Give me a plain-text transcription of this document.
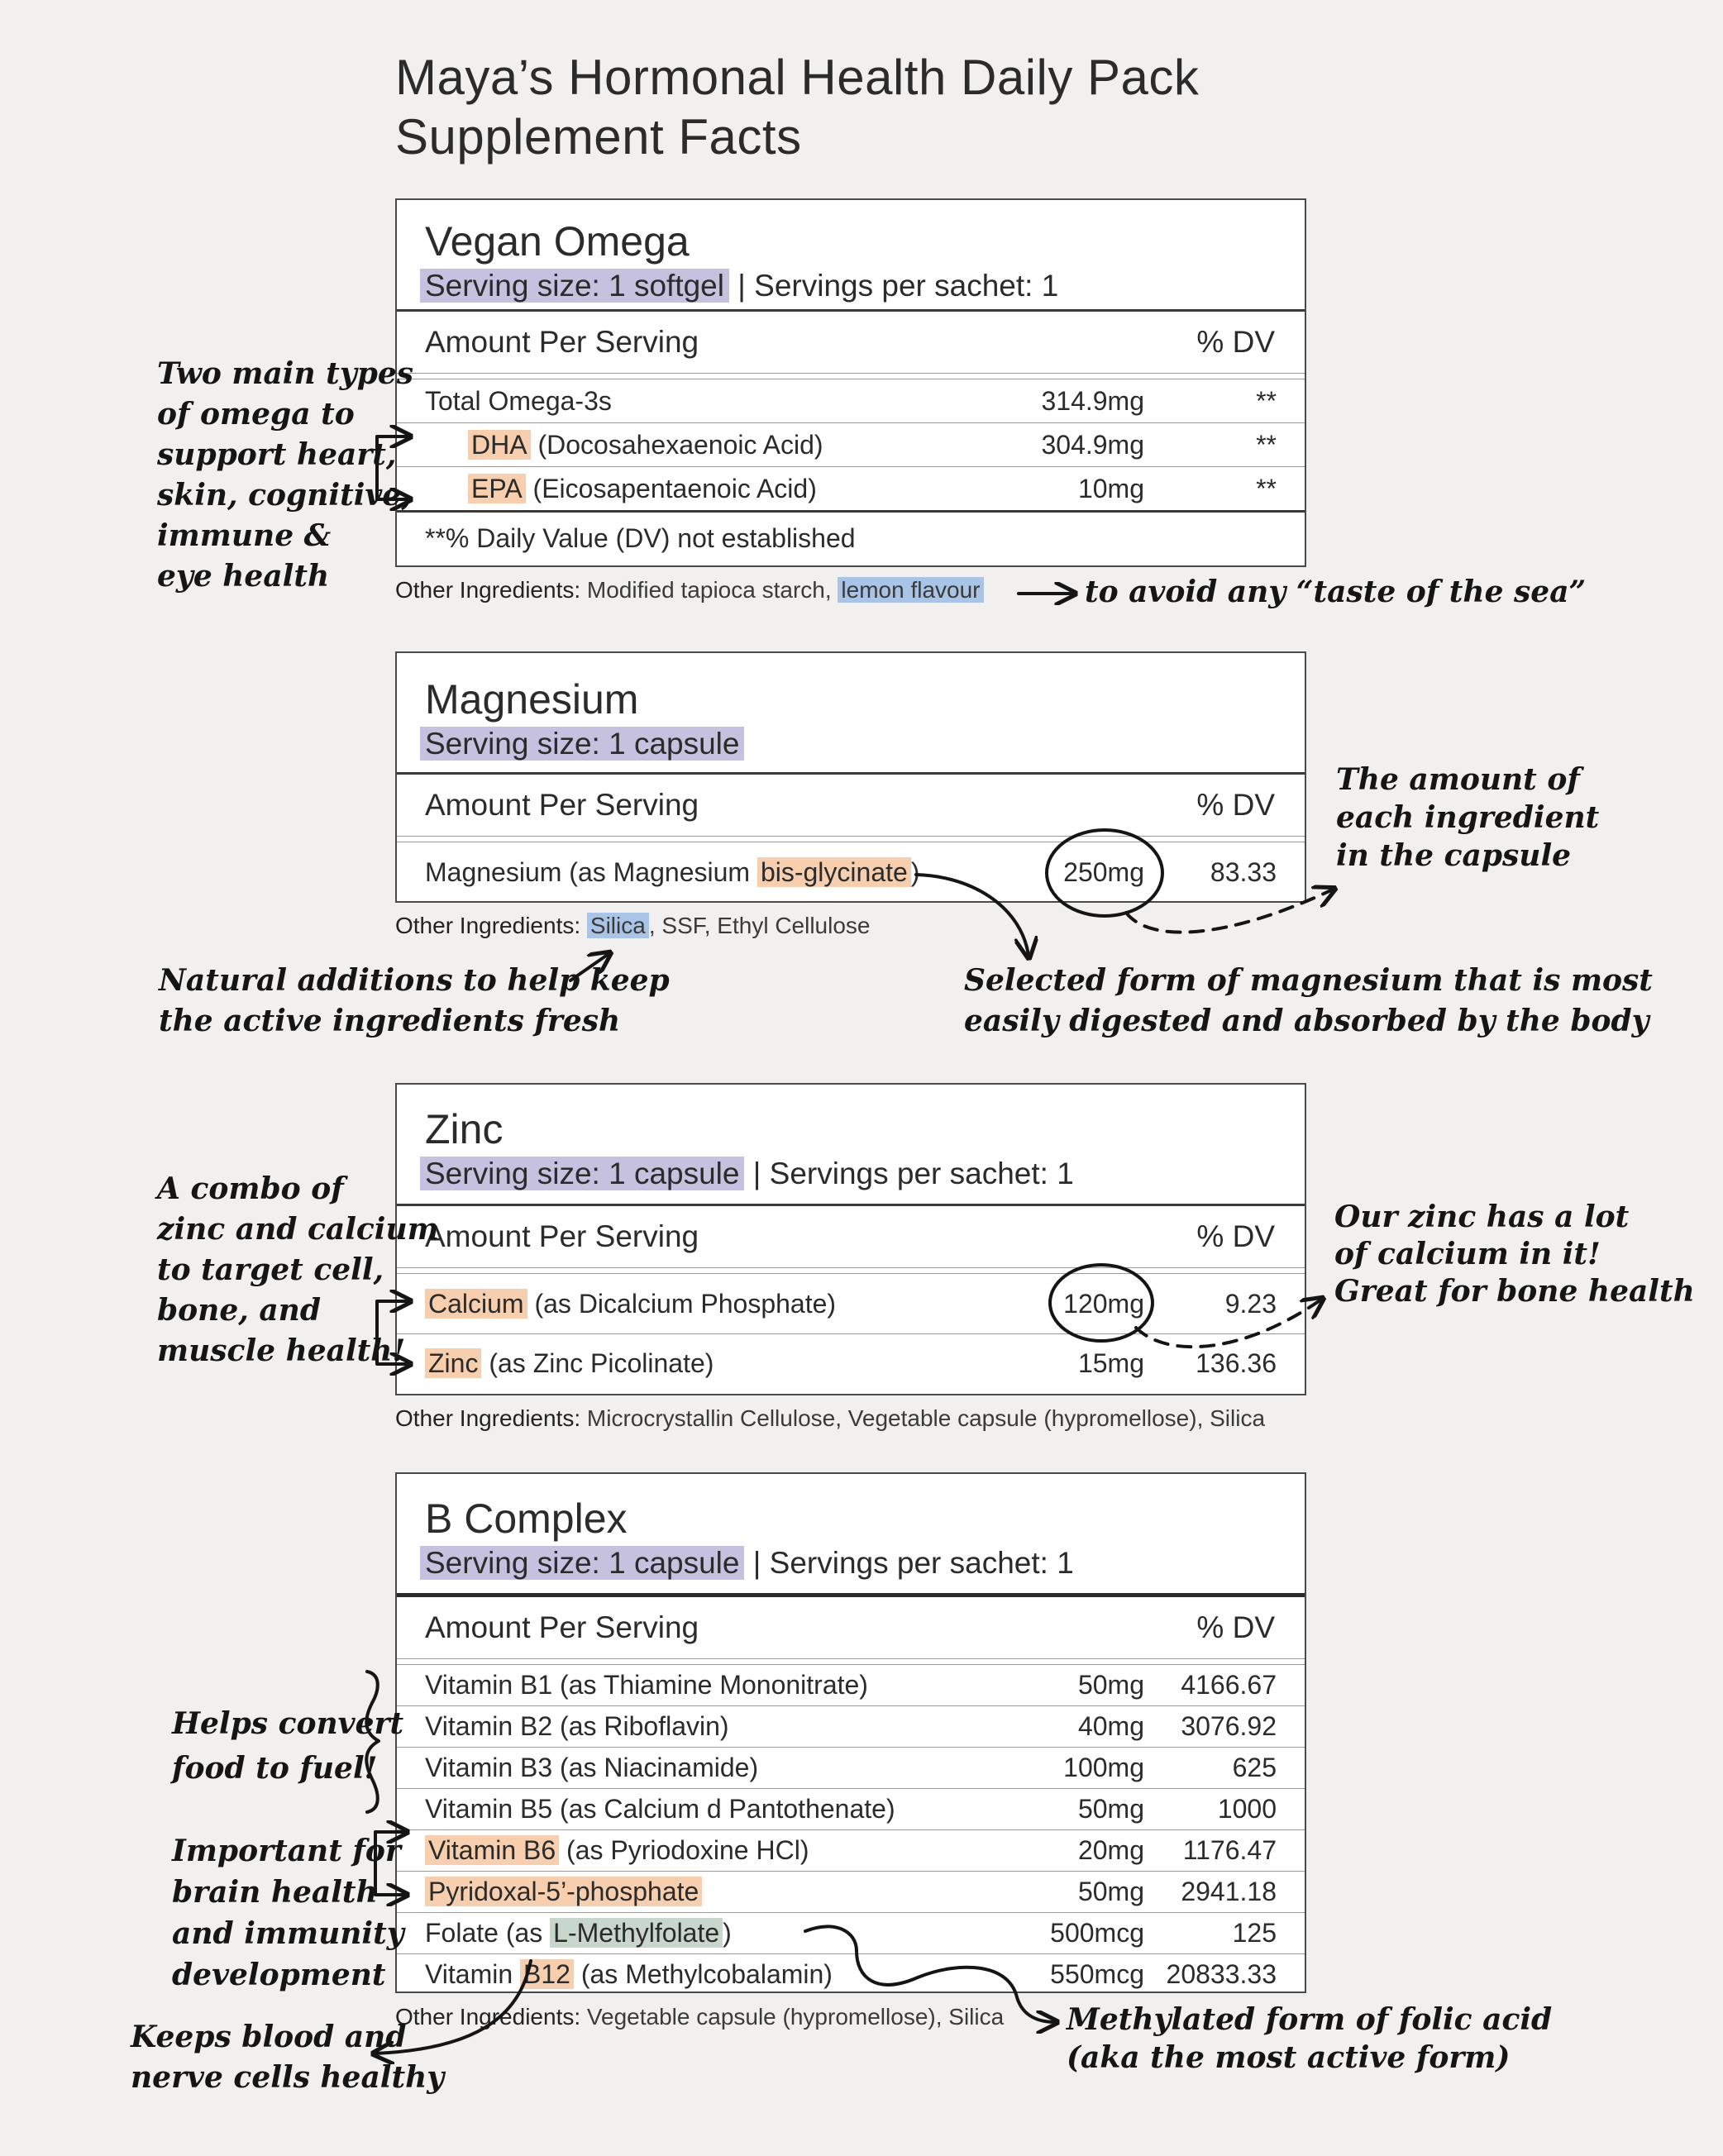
Maya’s Hormonal Health Daily Pack
Supplement Facts
Vegan Omega
Serving size: 1 softgel | Servings per sachet: 1
Amount Per Serving	% DV
Total Omega-3s	314.9mg	**
DHA (Docosahexaenoic Acid)	304.9mg	**
EPA (Eicosapentaenoic Acid)	10mg	**
**% Daily Value (DV) not established
Other Ingredients: Modified tapioca starch, lemon flavour
Magnesium
Serving size: 1 capsule
Amount Per Serving	% DV
Magnesium (as Magnesium bis-glycinate )	250mg	83.33
Other Ingredients: Silica , SSF, Ethyl Cellulose
Zinc
Serving size: 1 capsule | Servings per sachet: 1
Amount Per Serving	% DV
Calcium (as Dicalcium Phosphate)	120mg	9.23
Zinc (as Zinc Picolinate)	15mg	136.36
Other Ingredients: Microcrystallin Cellulose, Vegetable capsule (hypromellose), Silica
B Complex
Serving size: 1 capsule | Servings per sachet: 1
Amount Per Serving	% DV
Vitamin B1 (as Thiamine Mononitrate)	50mg	4166.67
Vitamin B2 (as Riboflavin)	40mg	3076.92
Vitamin B3 (as Niacinamide)	100mg	625
Vitamin B5 (as Calcium d Pantothenate)	50mg	1000
Vitamin B6 (as Pyriodoxine HCl)	20mg	1176.47
Pyridoxal-5’-phosphate	50mg	2941.18
Folate (as L-Methylfolate )	500mcg	125
Vitamin B12 (as Methylcobalamin)	550mcg 20833.33
Other Ingredients: Vegetable capsule (hypromellose), Silica
Two main types
of omega to
support heart,
skin, cognitive,
immune &
eye health	to avoid any “taste of the sea”
The amount of
each ingredient
in the capsule
Natural additions to help keep
the active ingredients fresh
Selected form of magnesium that is most
easily digested and absorbed by the body
A combo of
zinc and calcium
to target cell,
bone, and
muscle health!
Our zinc has a lot
of calcium in it!
Great for bone health
Helps convert
food to fuel!
Important for
brain health
and immunity
development
Keeps blood and
nerve cells healthy
Methylated form of folic acid
(aka the most active form)
